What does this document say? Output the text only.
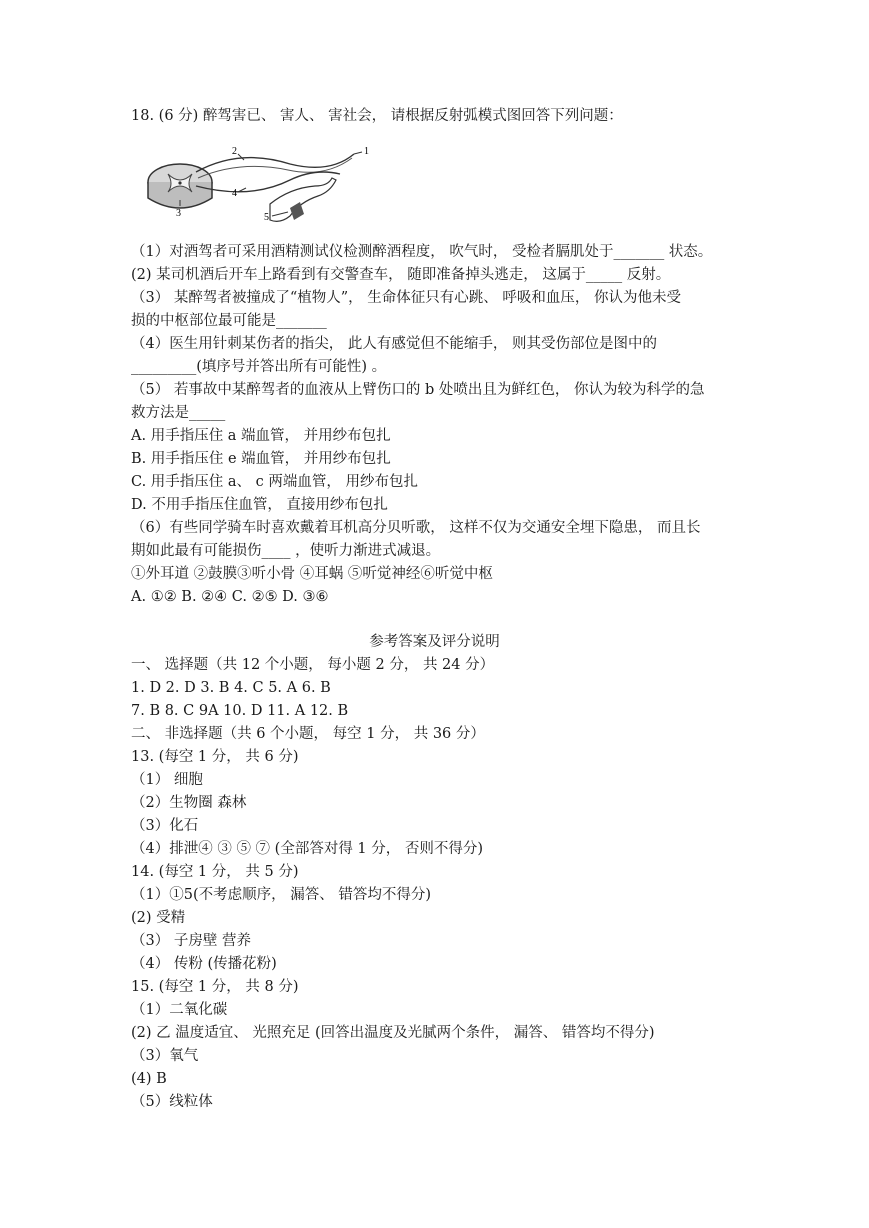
18. (6 分) 醉驾害已、 害人、 害社会， 请根据反射弧模式图回答下列问题：
1
2
3
4
5
（1）对酒驾者可采用酒精测试仪检测醉酒程度， 吹气时， 受检者膈肌处于_______ 状态。
(2) 某司机酒后开车上路看到有交警查车， 随即准备掉头逃走， 这属于_____ 反射。
（3） 某醉驾者被撞成了“植物人”， 生命体征只有心跳、 呼吸和血压， 你认为他未受
损的中枢部位最可能是_______
（4）医生用针刺某伤者的指尖， 此人有感觉但不能缩手， 则其受伤部位是图中的
_________(填序号并答出所有可能性) 。
（5） 若事故中某醉驾者的血液从上臂伤口的 b 处喷出且为鲜红色， 你认为较为科学的急
救方法是_____
A. 用手指压住 a 端血管， 并用纱布包扎
B. 用手指压住 e 端血管， 并用纱布包扎
C. 用手指压住 a、 c 两端血管， 用纱布包扎
D. 不用手指压住血管， 直接用纱布包扎
（6）有些同学骑车时喜欢戴着耳机高分贝听歌， 这样不仅为交通安全埋下隐患， 而且长
期如此最有可能损伤____ ，使听力渐进式减退。
①外耳道 ②鼓膜③听小骨 ④耳蜗 ⑤听觉神经⑥听觉中枢
A. ①② B. ②④ C. ②⑤ D. ③⑥
参考答案及评分说明
一、 选择题（共 12 个小题， 每小题 2 分， 共 24 分）
1. D 2. D 3. B 4. C 5. A 6. B
7. B 8. C 9A 10. D 11. A 12. B
二、 非选择题（共 6 个小题， 每空 1 分， 共 36 分）
13. (每空 1 分， 共 6 分)
（1） 细胞
（2）生物圈 森林
（3）化石
（4）排泄④ ③ ⑤ ⑦ (全部答对得 1 分， 否则不得分)
14. (每空 1 分， 共 5 分)
（1）①5(不考虑顺序， 漏答、 错答均不得分)
(2) 受精
（3） 子房壁 营养
（4） 传粉 (传播花粉)
15. (每空 1 分， 共 8 分)
（1）二氧化碳
(2) 乙 温度适宜、 光照充足 (回答出温度及光腻两个条件， 漏答、 错答均不得分)
（3）氧气
(4) B
（5）线粒体
